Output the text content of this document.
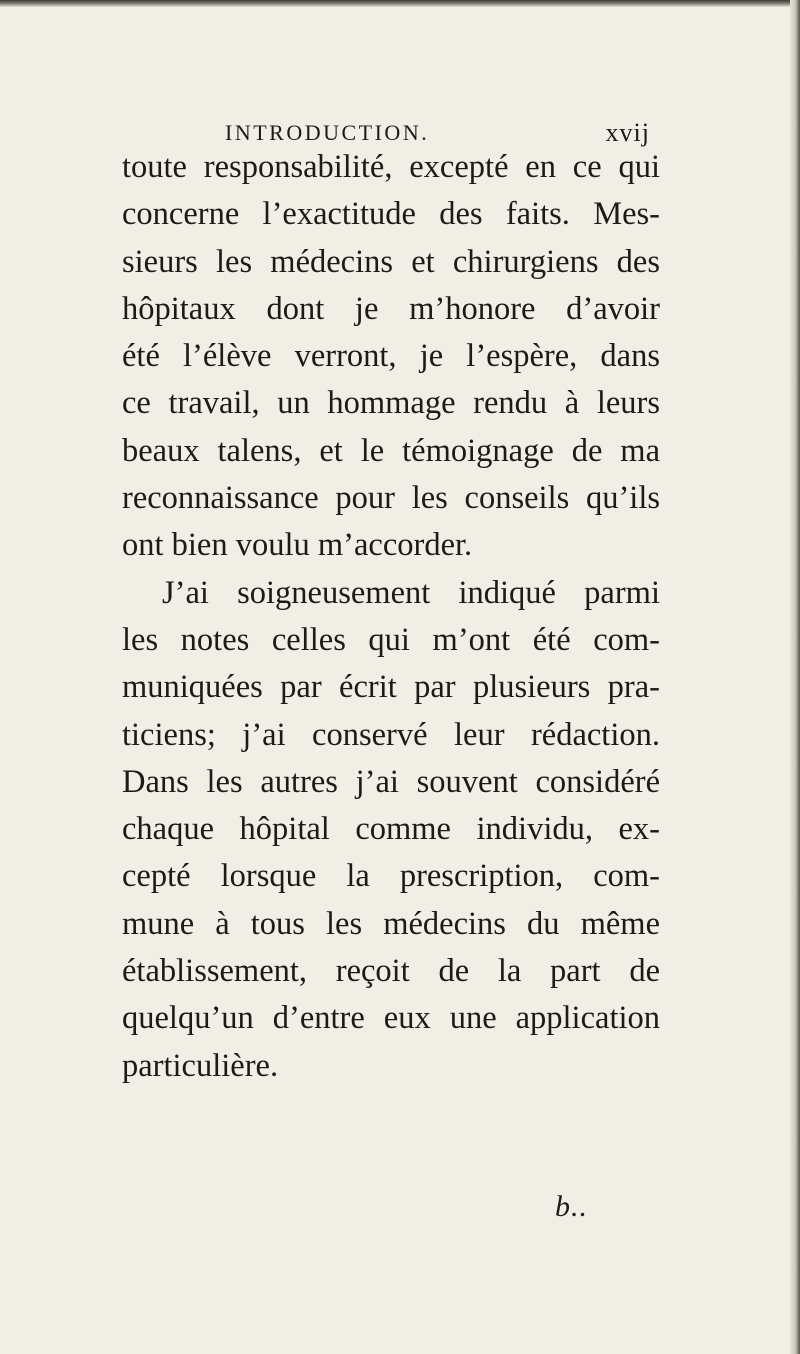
INTRODUCTION.	xvij
toute responsabilité, excepté en ce qui
concerne l’exactitude des faits. Mes-
sieurs les médecins et chirurgiens des
hôpitaux dont je m’honore d’avoir
été l’élève verront, je l’espère, dans
ce travail, un hommage rendu à leurs
beaux talens, et le témoignage de ma
reconnaissance pour les conseils qu’ils
ont bien voulu m’accorder.
J’ai soigneusement indiqué parmi
les notes celles qui m’ont été com-
muniquées par écrit par plusieurs pra-
ticiens; j’ai conservé leur rédaction.
Dans les autres j’ai souvent considéré
chaque hôpital comme individu, ex-
cepté lorsque la prescription, com-
mune à tous les médecins du même
établissement, reçoit de la part de
quelqu’un d’entre eux une application
particulière.
b..
